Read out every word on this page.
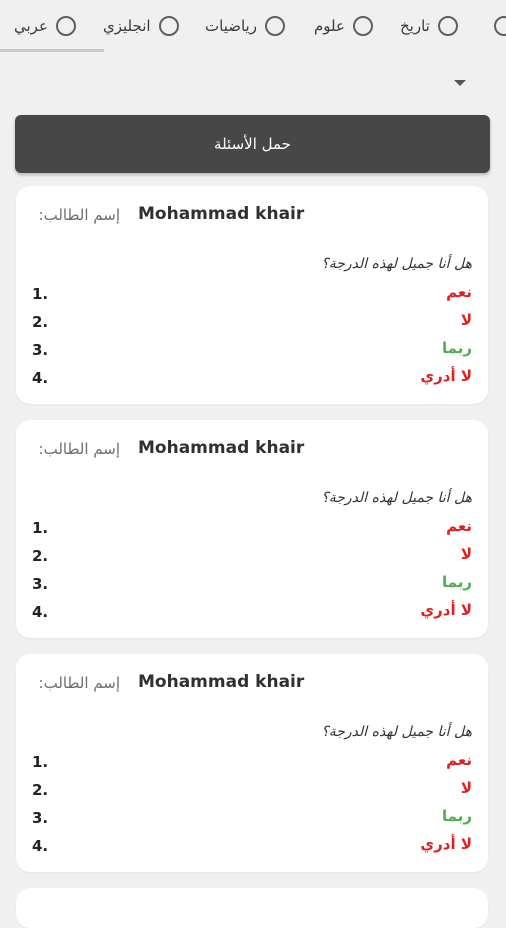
تاريخ
علوم
رياضيات
انجليزي
عربي
حمل الأسئلة
إسم الطالب: Mohammad khair
هل أنا جميل لهذه الدرجة؟
1.	نعم
2.	لا
3.	ربما
4.	لا أدري
إسم الطالب: Mohammad khair
هل أنا جميل لهذه الدرجة؟
1.	نعم
2.	لا
3.	ربما
4.	لا أدري
إسم الطالب: Mohammad khair
هل أنا جميل لهذه الدرجة؟
1.	نعم
2.	لا
3.	ربما
4.	لا أدري
